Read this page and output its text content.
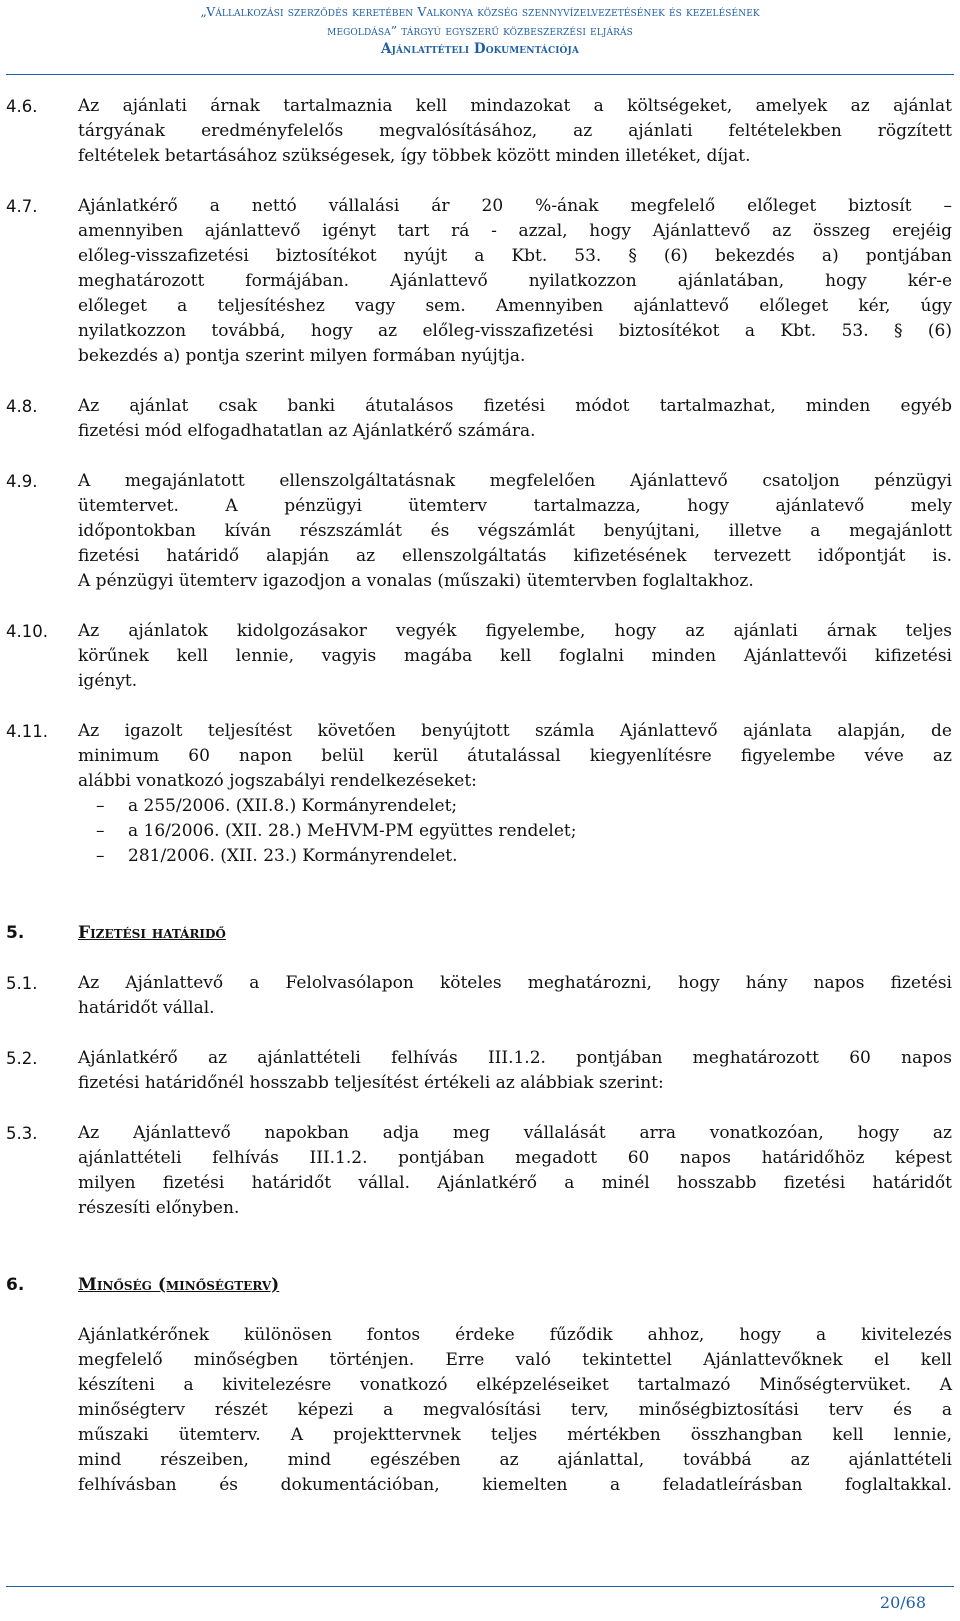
„Vállalkozási szerződés keretében Valkonya község szennyvízelvezetésének és kezelésének
megoldása” tárgyú egyszerű közbeszerzési eljárás
Ajánlattételi Dokumentációja
4.6.	Az ajánlati árnak tartalmaznia kell mindazokat a költségeket, amelyek az ajánlat
tárgyának eredményfelelős megvalósításához, az ajánlati feltételekben rögzített
feltételek betartásához szükségesek, így többek között minden illetéket, díjat.
4.7.	Ajánlatkérő a nettó vállalási ár 20 %-ának megfelelő előleget biztosít –
amennyiben ajánlattevő igényt tart rá - azzal, hogy Ajánlattevő az összeg erejéig
előleg-visszafizetési biztosítékot nyújt a Kbt. 53. § (6) bekezdés a) pontjában
meghatározott formájában. Ajánlattevő nyilatkozzon ajánlatában, hogy kér-e
előleget a teljesítéshez vagy sem. Amennyiben ajánlattevő előleget kér, úgy
nyilatkozzon továbbá, hogy az előleg-visszafizetési biztosítékot a Kbt. 53. § (6)
bekezdés a) pontja szerint milyen formában nyújtja.
4.8.	Az ajánlat csak banki átutalásos fizetési módot tartalmazhat, minden egyéb
fizetési mód elfogadhatatlan az Ajánlatkérő számára.
4.9.	A megajánlatott ellenszolgáltatásnak megfelelően Ajánlattevő csatoljon pénzügyi
ütemtervet. A pénzügyi ütemterv tartalmazza, hogy ajánlatevő mely
időpontokban kíván részszámlát és végszámlát benyújtani, illetve a megajánlott
fizetési határidő alapján az ellenszolgáltatás kifizetésének tervezett időpontját is.
A pénzügyi ütemterv igazodjon a vonalas (műszaki) ütemtervben foglaltakhoz.
4.10.	Az ajánlatok kidolgozásakor vegyék figyelembe, hogy az ajánlati árnak teljes
körűnek kell lennie, vagyis magába kell foglalni minden Ajánlattevői kifizetési
igényt.
4.11.	Az igazolt teljesítést követően benyújtott számla Ajánlattevő ajánlata alapján, de
minimum 60 napon belül kerül átutalással kiegyenlítésre figyelembe véve az
alábbi vonatkozó jogszabályi rendelkezéseket:
–	a 255/2006. (XII.8.) Kormányrendelet;
–	a 16/2006. (XII. 28.) MeHVM-PM együttes rendelet;
–	281/2006. (XII. 23.) Kormányrendelet.
5.	Fizetési határidő
5.1.	Az Ajánlattevő a Felolvasólapon köteles meghatározni, hogy hány napos fizetési
határidőt vállal.
5.2.	Ajánlatkérő az ajánlattételi felhívás III.1.2. pontjában meghatározott 60 napos
fizetési határidőnél hosszabb teljesítést értékeli az alábbiak szerint:
5.3.	Az Ajánlattevő napokban adja meg vállalását arra vonatkozóan, hogy az
ajánlattételi felhívás III.1.2. pontjában megadott 60 napos határidőhöz képest
milyen fizetési határidőt vállal. Ajánlatkérő a minél hosszabb fizetési határidőt
részesíti előnyben.
6.	Minőség (minőségterv)
Ajánlatkérőnek különösen fontos érdeke fűződik ahhoz, hogy a kivitelezés
megfelelő minőségben történjen. Erre való tekintettel Ajánlattevőknek el kell
készíteni a kivitelezésre vonatkozó elképzeléseiket tartalmazó Minőségtervüket. A
minőségterv részét képezi a megvalósítási terv, minőségbiztosítási terv és a
műszaki ütemterv. A projekttervnek teljes mértékben összhangban kell lennie,
mind részeiben, mind egészében az ajánlattal, továbbá az ajánlattételi
felhívásban és dokumentációban, kiemelten a feladatleírásban foglaltakkal.
20/68
